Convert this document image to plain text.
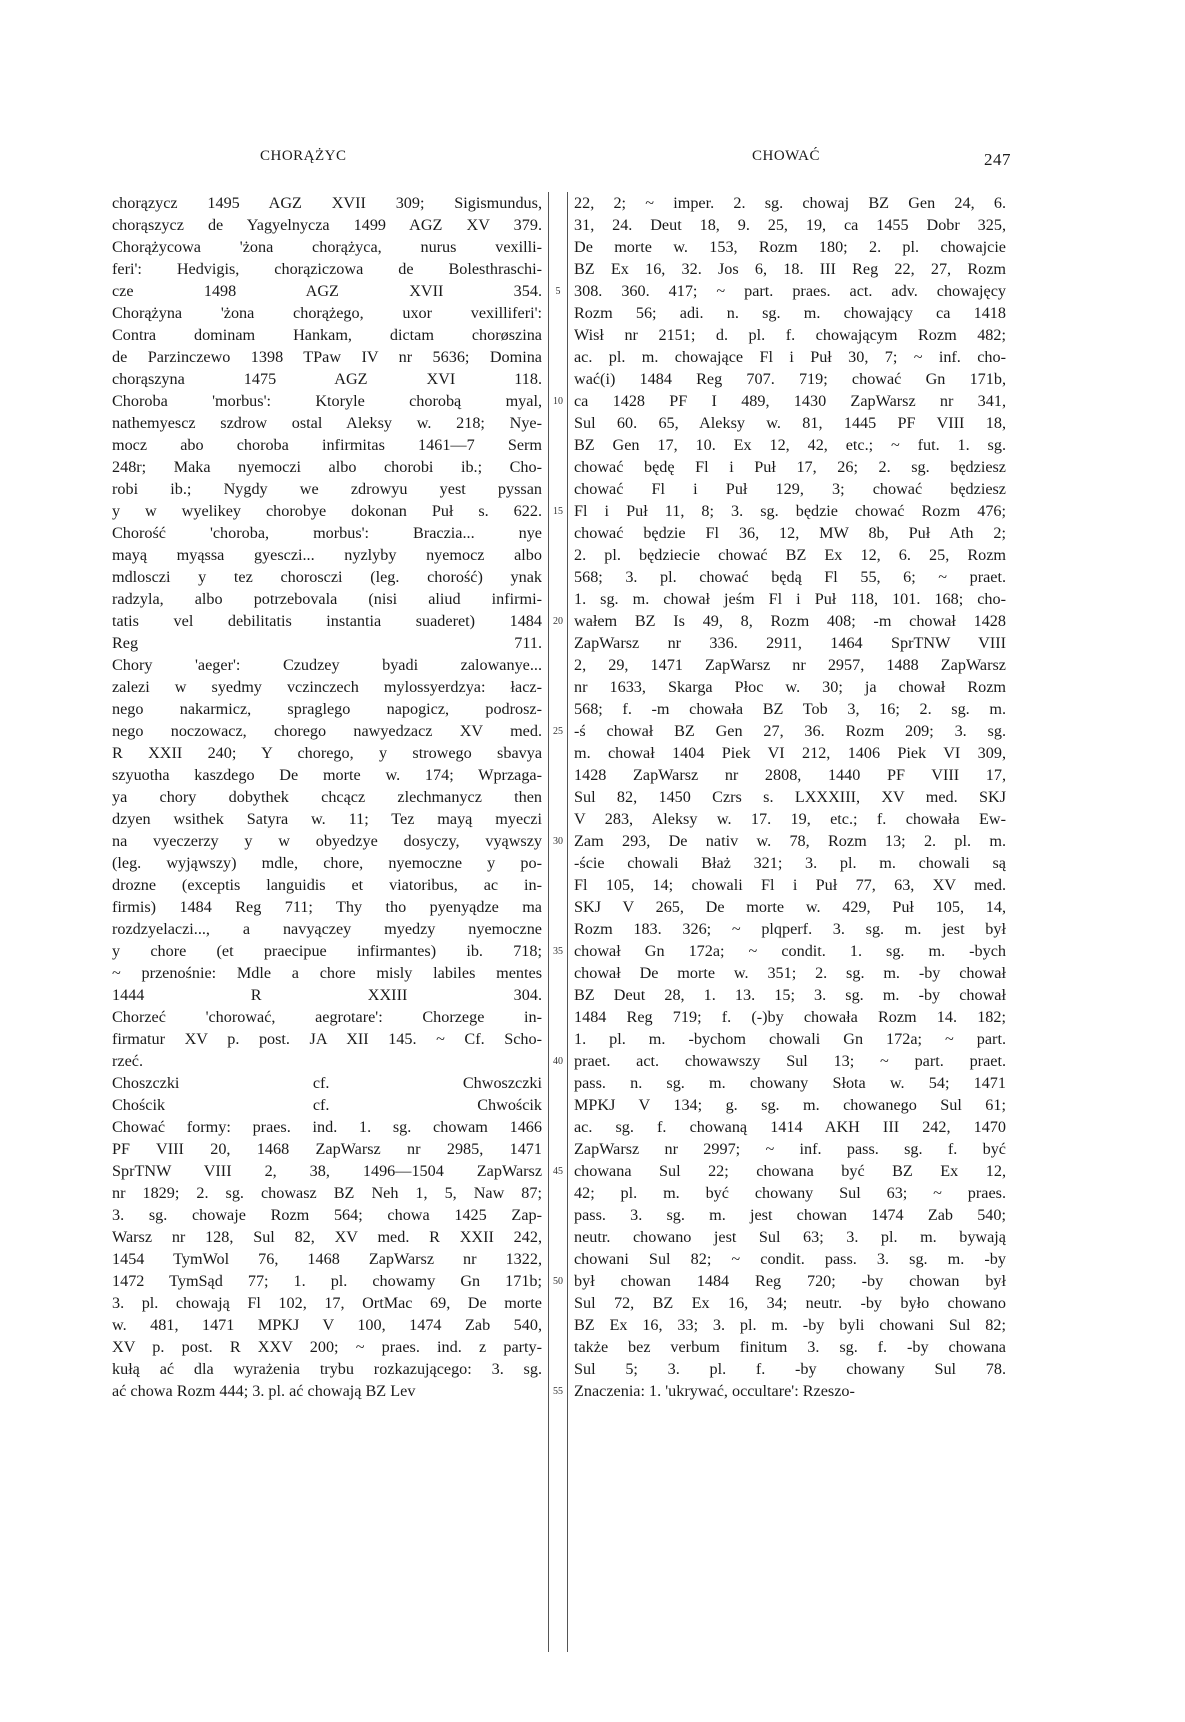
CHORĄŻYC	CHOWAĆ	247
chorązycz 1495 AGZ XVII 309; Sigismundus,
chorąszycz de Yagyelnycza 1499 AGZ XV 379.
Chorążycowa 'żona chorążyca, nurus vexilli-
feri': Hedvigis, chorąziczowa de Bolesthraschi-
cze 1498 AGZ XVII 354.
Chorążyna 'żona chorążego, uxor vexilliferi':
Contra dominam Hankam, dictam chorøszina
de Parzinczewo 1398 TPaw IV nr 5636; Domina
chorąszyna 1475 AGZ XVI 118.
Choroba 'morbus': Ktoryle chorobą myal,
nathemyescz szdrow ostal Aleksy w. 218; Nye-
mocz abo choroba infirmitas 1461—7 Serm
248r; Maka nyemoczi albo chorobi ib.; Cho-
robi ib.; Nygdy we zdrowyu yest pyssan
y w wyelikey chorobye dokonan Puł s. 622.
Chorość 'choroba, morbus': Braczia... nye
mayą myąssa gyesczi... nyzlyby nyemocz albo
mdlosczi y tez chorosczi (leg. chorość) ynak
radzyla, albo potrzebovala (nisi aliud infirmi-
tatis vel debilitatis instantia suaderet) 1484
Reg 711.
Chory 'aeger': Czudzey byadi zalowanye...
zalezi w syedmy vczinczech mylossyerdzya: łacz-
nego nakarmicz, spraglego napogicz, podrosz-
nego noczowacz, chorego nawyedzacz XV med.
R XXII 240; Y chorego, y strowego sbavya
szyuotha kaszdego De morte w. 174; Wprzaga-
ya chory dobythek chcącz zlechmanycz then
dzyen wsithek Satyra w. 11; Tez mayą myeczi
na vyeczerzy y w obyedzye dosyczy, vyąwszy
(leg. wyjąwszy) mdle, chore, nyemoczne y po-
drozne (exceptis languidis et viatoribus, ac in-
firmis) 1484 Reg 711; Thy tho pyenyądze ma
rozdzyelaczi..., a navyączey myedzy nyemoczne
y chore (et praecipue infirmantes) ib. 718;
~ przenośnie: Mdle a chore misly labiles mentes
1444 R XXIII 304.
Chorzeć 'chorować, aegrotare': Chorzege in-
firmatur XV p. post. JA XII 145. ~ Cf. Scho-
rzeć.
Choszczki cf. Chwoszczki
Chościk cf. Chwościk
Chować formy: praes. ind. 1. sg. chowam 1466
PF VIII 20, 1468 ZapWarsz nr 2985, 1471
SprTNW VIII 2, 38, 1496—1504 ZapWarsz
nr 1829; 2. sg. chowasz BZ Neh 1, 5, Naw 87;
3. sg. chowaje Rozm 564; chowa 1425 Zap-
Warsz nr 128, Sul 82, XV med. R XXII 242,
1454 TymWol 76, 1468 ZapWarsz nr 1322,
1472 TymSąd 77; 1. pl. chowamy Gn 171b;
3. pl. chowają Fl 102, 17, OrtMac 69, De morte
w. 481, 1471 MPKJ V 100, 1474 Zab 540,
XV p. post. R XXV 200; ~ praes. ind. z party-
kułą ać dla wyrażenia trybu rozkazującego: 3. sg.
ać chowa Rozm 444; 3. pl. ać chowają BZ Lev
5
10
15
20
25
30
35
40
45
50
55
22, 2; ~ imper. 2. sg. chowaj BZ Gen 24, 6.
31, 24. Deut 18, 9. 25, 19, ca 1455 Dobr 325,
De morte w. 153, Rozm 180; 2. pl. chowajcie
BZ Ex 16, 32. Jos 6, 18. III Reg 22, 27, Rozm
308. 360. 417; ~ part. praes. act. adv. chowajęcy
Rozm 56; adi. n. sg. m. chowający ca 1418
Wisł nr 2151; d. pl. f. chowającym Rozm 482;
ac. pl. m. chowające Fl i Puł 30, 7; ~ inf. cho-
wać(i) 1484 Reg 707. 719; chować Gn 171b,
ca 1428 PF I 489, 1430 ZapWarsz nr 341,
Sul 60. 65, Aleksy w. 81, 1445 PF VIII 18,
BZ Gen 17, 10. Ex 12, 42, etc.; ~ fut. 1. sg.
chować będę Fl i Puł 17, 26; 2. sg. będziesz
chować Fl i Puł 129, 3; chować będziesz
Fl i Puł 11, 8; 3. sg. będzie chować Rozm 476;
chować będzie Fl 36, 12, MW 8b, Puł Ath 2;
2. pl. będziecie chować BZ Ex 12, 6. 25, Rozm
568; 3. pl. chować będą Fl 55, 6; ~ praet.
1. sg. m. chował jeśm Fl i Puł 118, 101. 168; cho-
wałem BZ Is 49, 8, Rozm 408; -m chował 1428
ZapWarsz nr 336. 2911, 1464 SprTNW VIII
2, 29, 1471 ZapWarsz nr 2957, 1488 ZapWarsz
nr 1633, Skarga Płoc w. 30; ja chował Rozm
568; f. -m chowała BZ Tob 3, 16; 2. sg. m.
-ś chował BZ Gen 27, 36. Rozm 209; 3. sg.
m. chował 1404 Piek VI 212, 1406 Piek VI 309,
1428 ZapWarsz nr 2808, 1440 PF VIII 17,
Sul 82, 1450 Czrs s. LXXXIII, XV med. SKJ
V 283, Aleksy w. 17. 19, etc.; f. chowała Ew-
Zam 293, De nativ w. 78, Rozm 13; 2. pl. m.
-ście chowali Błaż 321; 3. pl. m. chowali są
Fl 105, 14; chowali Fl i Puł 77, 63, XV med.
SKJ V 265, De morte w. 429, Puł 105, 14,
Rozm 183. 326; ~ plqperf. 3. sg. m. jest był
chował Gn 172a; ~ condit. 1. sg. m. -bych
chował De morte w. 351; 2. sg. m. -by chował
BZ Deut 28, 1. 13. 15; 3. sg. m. -by chował
1484 Reg 719; f. (-)by chowała Rozm 14. 182;
1. pl. m. -bychom chowali Gn 172a; ~ part.
praet. act. chowawszy Sul 13; ~ part. praet.
pass. n. sg. m. chowany Słota w. 54; 1471
MPKJ V 134; g. sg. m. chowanego Sul 61;
ac. sg. f. chowaną 1414 AKH III 242, 1470
ZapWarsz nr 2997; ~ inf. pass. sg. f. być
chowana Sul 22; chowana być BZ Ex 12,
42; pl. m. być chowany Sul 63; ~ praes.
pass. 3. sg. m. jest chowan 1474 Zab 540;
neutr. chowano jest Sul 63; 3. pl. m. bywają
chowani Sul 82; ~ condit. pass. 3. sg. m. -by
był chowan 1484 Reg 720; -by chowan był
Sul 72, BZ Ex 16, 34; neutr. -by było chowano
BZ Ex 16, 33; 3. pl. m. -by byli chowani Sul 82;
także bez verbum finitum 3. sg. f. -by chowana
Sul 5; 3. pl. f. -by chowany Sul 78.
Znaczenia: 1. 'ukrywać, occultare': Rzeszo-
